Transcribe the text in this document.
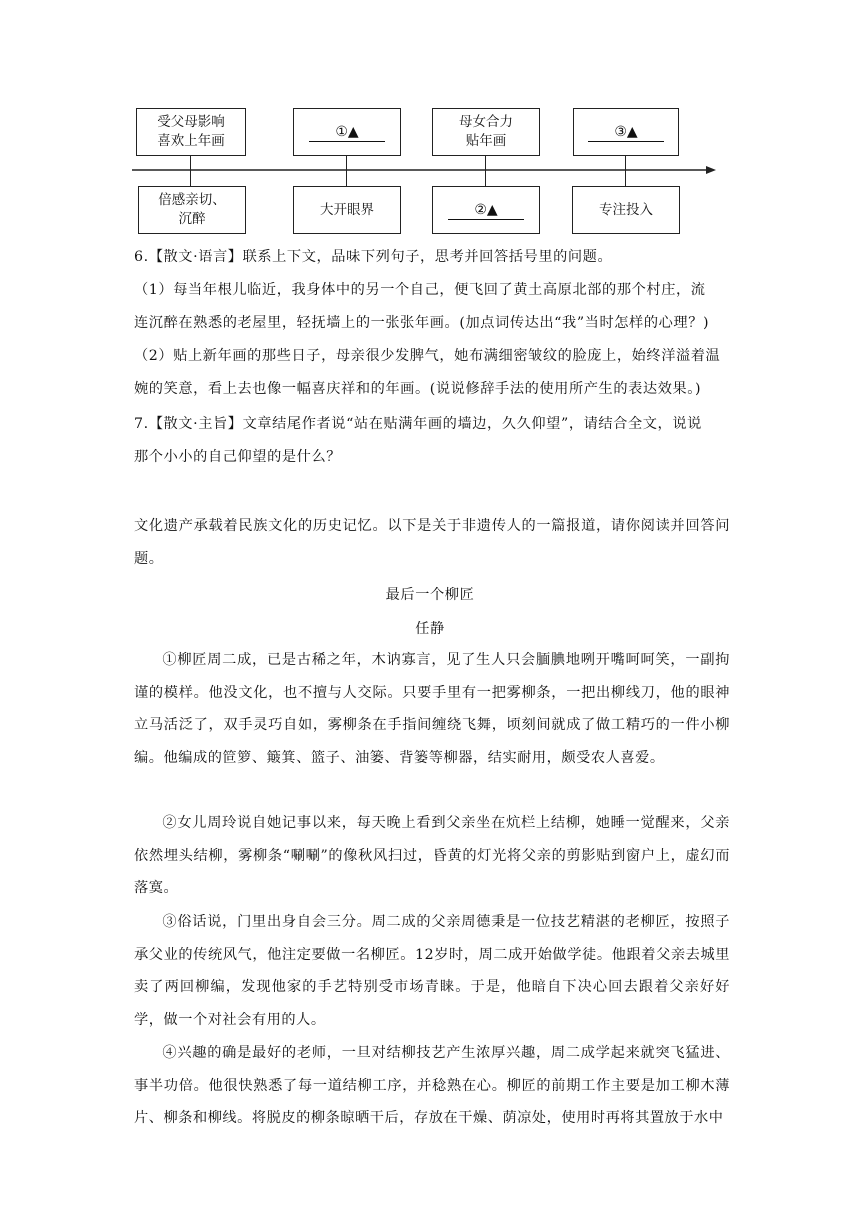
受父母影响
喜欢上年画
①▲
母女合力
贴年画
③▲
倍感亲切、
沉醉
大开眼界	②▲	专注投入
6.【散文·语言】联系上下文，品味下列句子，思考并回答括号里的问题。
（1）每当年根儿临近，我身体中的另一个自己，便飞回了黄土高原北部的那个村庄，流
连沉醉在熟悉的老屋里，轻抚墙上的一张张年画。(加点词传达出“我”当时怎样的心理？)
（2）贴上新年画的那些日子，母亲很少发脾气，她布满细密皱纹的脸庞上，始终洋溢着温
婉的笑意，看上去也像一幅喜庆祥和的年画。(说说修辞手法的使用所产生的表达效果。)
7.【散文·主旨】文章结尾作者说“站在贴满年画的墙边，久久仰望”，请结合全文，说说
那个小小的自己仰望的是什么？

文化遗产承载着民族文化的历史记忆。以下是关于非遗传人的一篇报道，请你阅读并回答问题。

最后一个柳匠
任静

①柳匠周二成，已是古稀之年，木讷寡言，见了生人只会腼腆地咧开嘴呵呵笑，一副拘谨的模样。他没文化，也不擅与人交际。只要手里有一把雾柳条，一把出柳线刀，他的眼神立马活泛了，双手灵巧自如，雾柳条在手指间缠绕飞舞，顷刻间就成了做工精巧的一件小柳编。他编成的笸箩、簸箕、篮子、油篓、背篓等柳器，结实耐用，颇受农人喜爱。

②女儿周玲说自她记事以来，每天晚上看到父亲坐在炕栏上结柳，她睡一觉醒来，父亲依然埋头结柳，雾柳条“唰唰”的像秋风扫过，昏黄的灯光将父亲的剪影贴到窗户上，虚幻而落寞。

③俗话说，门里出身自会三分。周二成的父亲周德秉是一位技艺精湛的老柳匠，按照子承父业的传统风气，他注定要做一名柳匠。12岁时，周二成开始做学徒。他跟着父亲去城里卖了两回柳编，发现他家的手艺特别受市场青睐。于是，他暗自下决心回去跟着父亲好好学，做一个对社会有用的人。

④兴趣的确是最好的老师，一旦对结柳技艺产生浓厚兴趣，周二成学起来就突飞猛进、事半功倍。他很快熟悉了每一道结柳工序，并稔熟在心。柳匠的前期工作主要是加工柳木薄片、柳条和柳线。将脱皮的柳条晾晒干后，存放在干燥、荫凉处，使用时再将其置放于水中
